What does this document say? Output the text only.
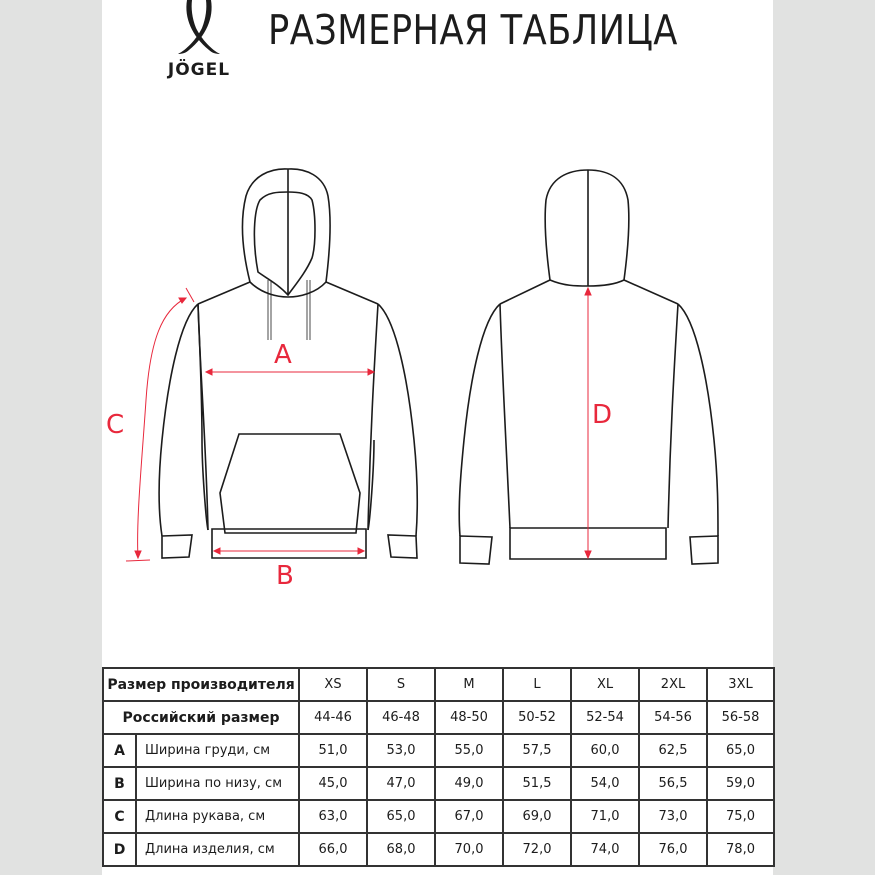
JÖGEL
РАЗМЕРНАЯ ТАБЛИЦА
A
B
C	D
Размер производителя		XS	S	M	L	XL	2XL	3XL
Российский размер		44-46	46-48	48-50	50-52	52-54	54-56	56-58
A	Ширина груди, см	51,0	53,0	55,0	57,5	60,0	62,5	65,0
B	Ширина по низу, см	45,0	47,0	49,0	51,5	54,0	56,5	59,0
C	Длина рукава, см	63,0	65,0	67,0	69,0	71,0	73,0	75,0
D	Длина изделия, см	66,0	68,0	70,0	72,0	74,0	76,0	78,0
